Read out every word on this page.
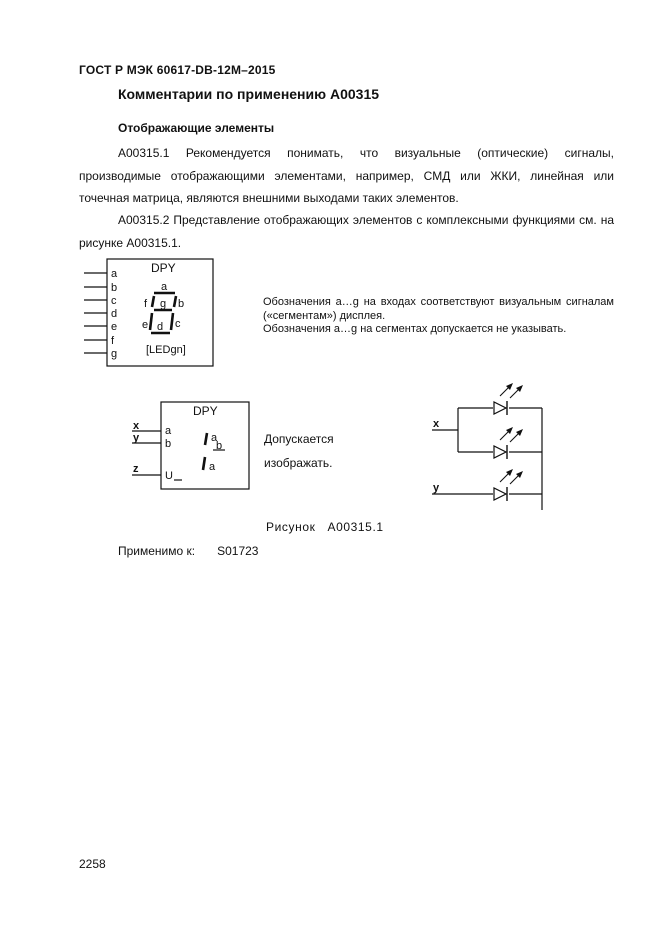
ГОСТ Р МЭК 60617-DB-12M–2015
Комментарии по применению A00315
Отображающие элементы
A00315.1 Рекомендуется понимать, что визуальные (оптические) сигналы, производимые отображающими элементами, например, СМД или ЖКИ, линейная или точечная матрица, являются внешними выходами таких элементов.
A00315.2 Представление отображающих элементов с комплексными функциями см. на рисунке A00315.1.
DPY
a
b
c
d
e
f
g
a
f	b
g
e c
d
[LEDgn]
Обозначения a…g на входах соответствуют визуальным сигналам («сегментам») дисплея.
Обозначения a…g на сегментах допускается не указывать.
DPY
x
y
z
a
b
U
a
b
a
Допускается
изображать.
x
y
Рисунок A00315.1
Применимо к: S01723
2258
